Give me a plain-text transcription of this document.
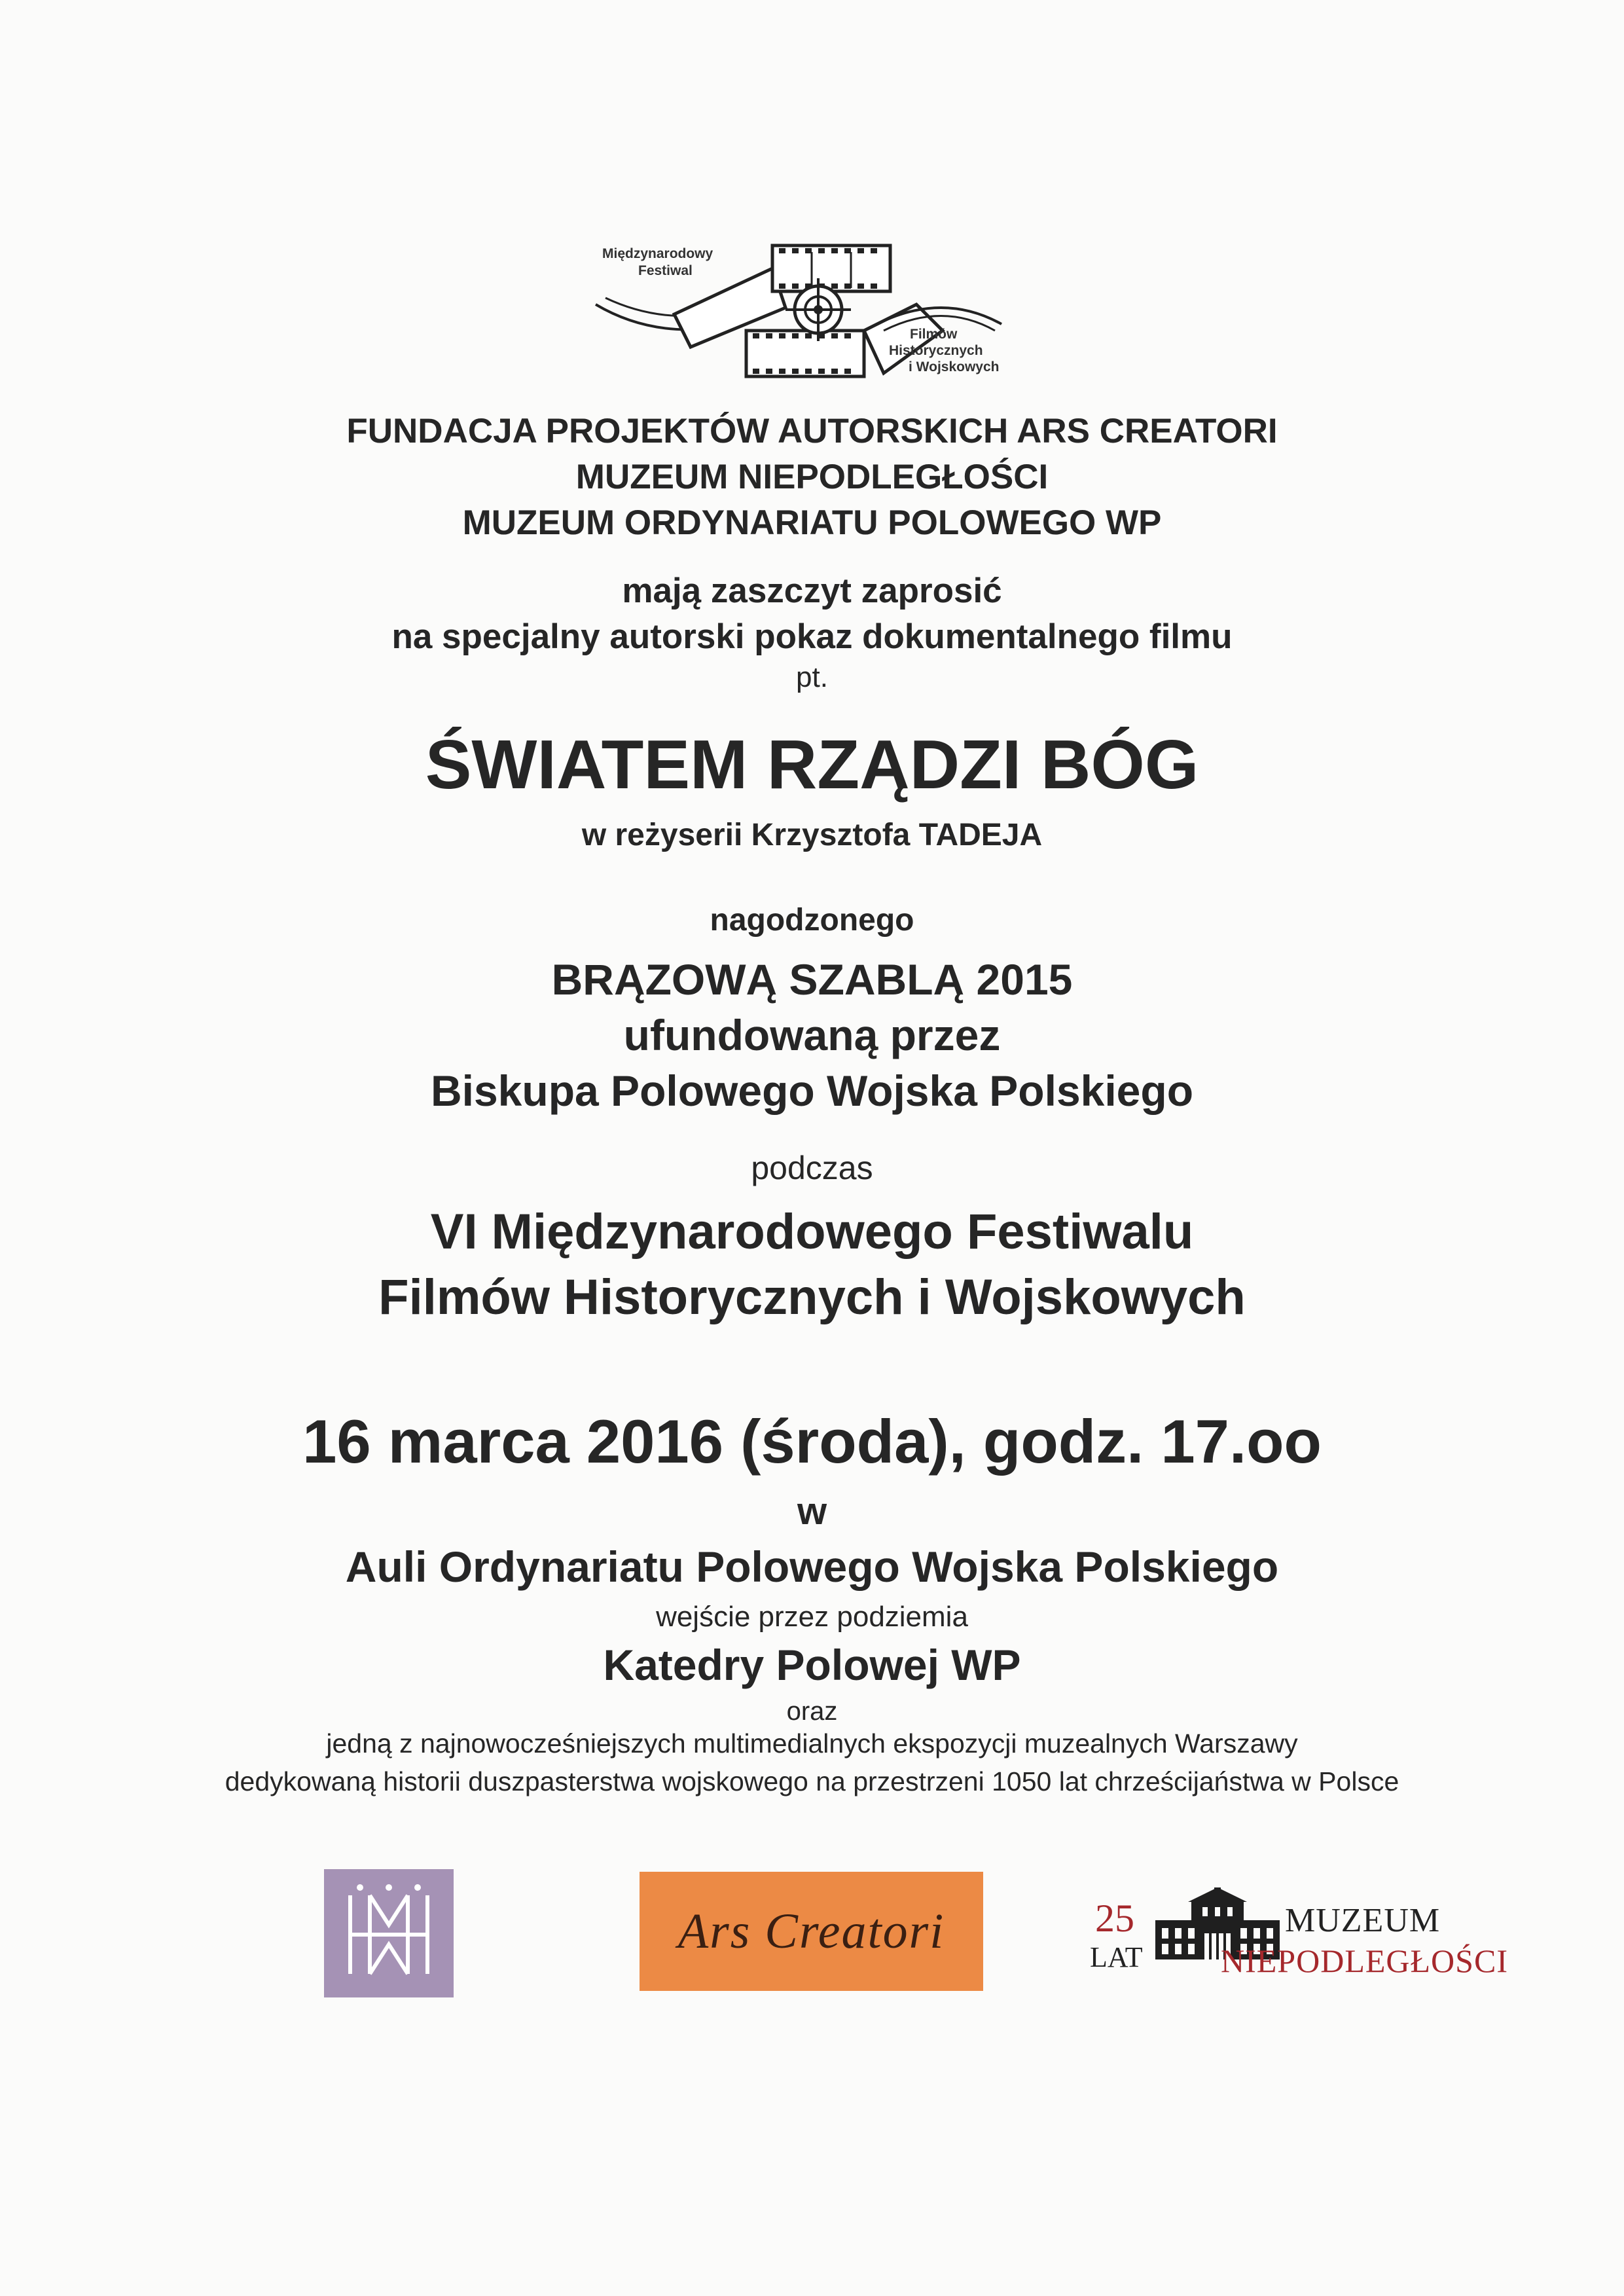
Międzynarodowy
Festiwal
Filmów
Historycznych
i Wojskowych
FUNDACJA PROJEKTÓW AUTORSKICH ARS CREATORI
MUZEUM NIEPODLEGŁOŚCI
MUZEUM ORDYNARIATU POLOWEGO WP
mają zaszczyt zaprosić
na specjalny autorski pokaz dokumentalnego filmu
pt.
ŚWIATEM RZĄDZI BÓG
w reżyserii Krzysztofa TADEJA
nagodzonego
BRĄZOWĄ SZABLĄ 2015
ufundowaną przez
Biskupa Polowego Wojska Polskiego
podczas
VI Międzynarodowego Festiwalu
Filmów Historycznych i Wojskowych
16 marca 2016 (środa), godz. 17.oo
w
Auli Ordynariatu Polowego Wojska Polskiego
wejście przez podziemia
Katedry Polowej WP
oraz
jedną z najnowocześniejszych multimedialnych ekspozycji muzealnych Warszawy
dedykowaną historii duszpasterstwa wojskowego na przestrzeni 1050 lat chrześcijaństwa w Polsce
Ars Creatori	25
LAT
MUZEUM
NIEPODLEGŁOŚCI
